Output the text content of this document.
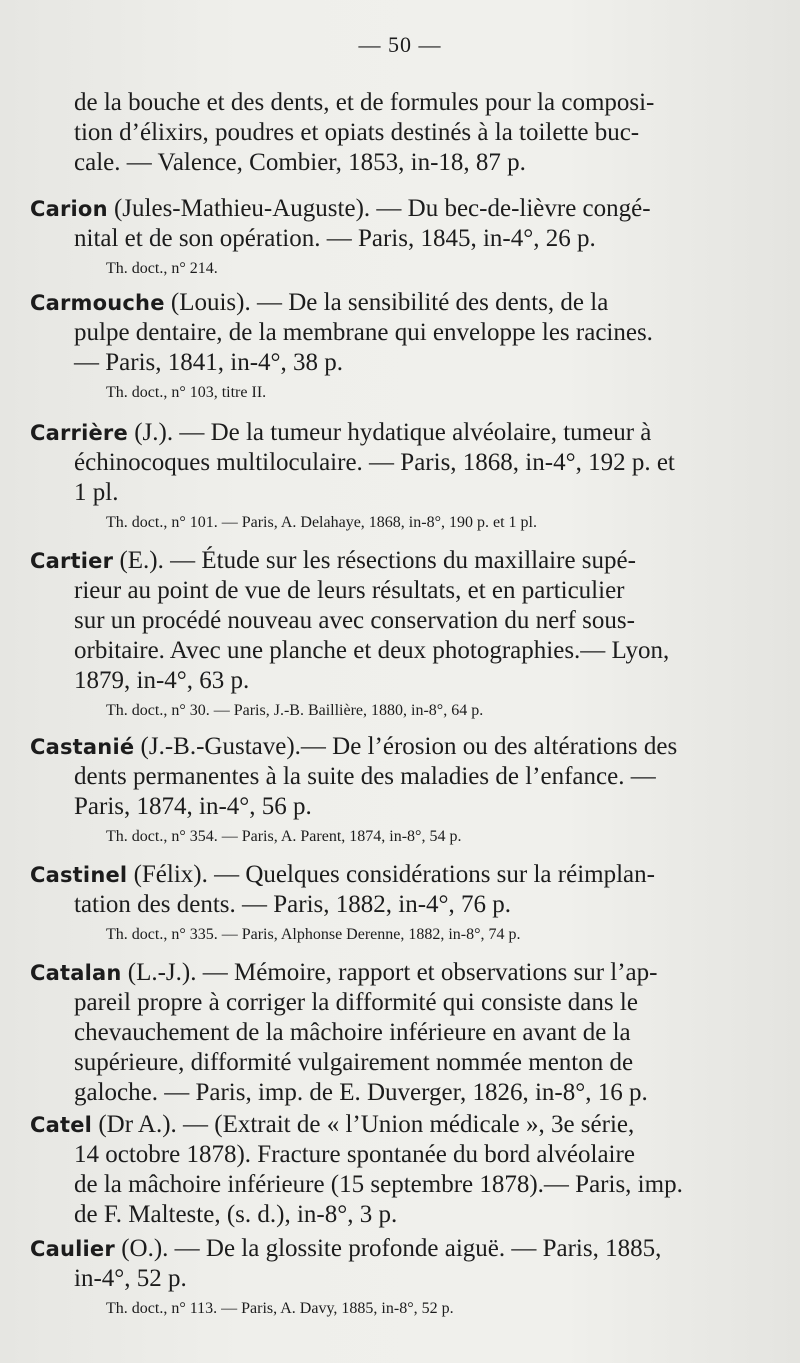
— 50 —
de la bouche et des dents, et de formules pour la composi-
tion d’élixirs, poudres et opiats destinés à la toilette buc-
cale. — Valence, Combier, 1853, in-18, 87 p.
Carion (Jules-Mathieu-Auguste). — Du bec-de-lièvre congé-
nital et de son opération. — Paris, 1845, in-4°, 26 p.
Th. doct., n° 214.
Carmouche (Louis). — De la sensibilité des dents, de la
pulpe dentaire, de la membrane qui enveloppe les racines.
— Paris, 1841, in-4°, 38 p.
Th. doct., n° 103, titre II.
Carrière (J.). — De la tumeur hydatique alvéolaire, tumeur à
échinocoques multiloculaire. — Paris, 1868, in-4°, 192 p. et
1 pl.
Th. doct., n° 101. — Paris, A. Delahaye, 1868, in-8°, 190 p. et 1 pl.
Cartier (E.). — Étude sur les résections du maxillaire supé-
rieur au point de vue de leurs résultats, et en particulier
sur un procédé nouveau avec conservation du nerf sous-
orbitaire. Avec une planche et deux photographies.— Lyon,
1879, in-4°, 63 p.
Th. doct., n° 30. — Paris, J.-B. Baillière, 1880, in-8°, 64 p.
Castanié (J.-B.-Gustave).— De l’érosion ou des altérations des
dents permanentes à la suite des maladies de l’enfance. —
Paris, 1874, in-4°, 56 p.
Th. doct., n° 354. — Paris, A. Parent, 1874, in-8°, 54 p.
Castinel (Félix). — Quelques considérations sur la réimplan-
tation des dents. — Paris, 1882, in-4°, 76 p.
Th. doct., n° 335. — Paris, Alphonse Derenne, 1882, in-8°, 74 p.
Catalan (L.-J.). — Mémoire, rapport et observations sur l’ap-
pareil propre à corriger la difformité qui consiste dans le
chevauchement de la mâchoire inférieure en avant de la
supérieure, difformité vulgairement nommée menton de
galoche. — Paris, imp. de E. Duverger, 1826, in-8°, 16 p.
Catel (Dr A.). — (Extrait de « l’Union médicale », 3e série,
14 octobre 1878). Fracture spontanée du bord alvéolaire
de la mâchoire inférieure (15 septembre 1878).— Paris, imp.
de F. Malteste, (s. d.), in-8°, 3 p.
Caulier (O.). — De la glossite profonde aiguë. — Paris, 1885,
in-4°, 52 p.
Th. doct., n° 113. — Paris, A. Davy, 1885, in-8°, 52 p.
